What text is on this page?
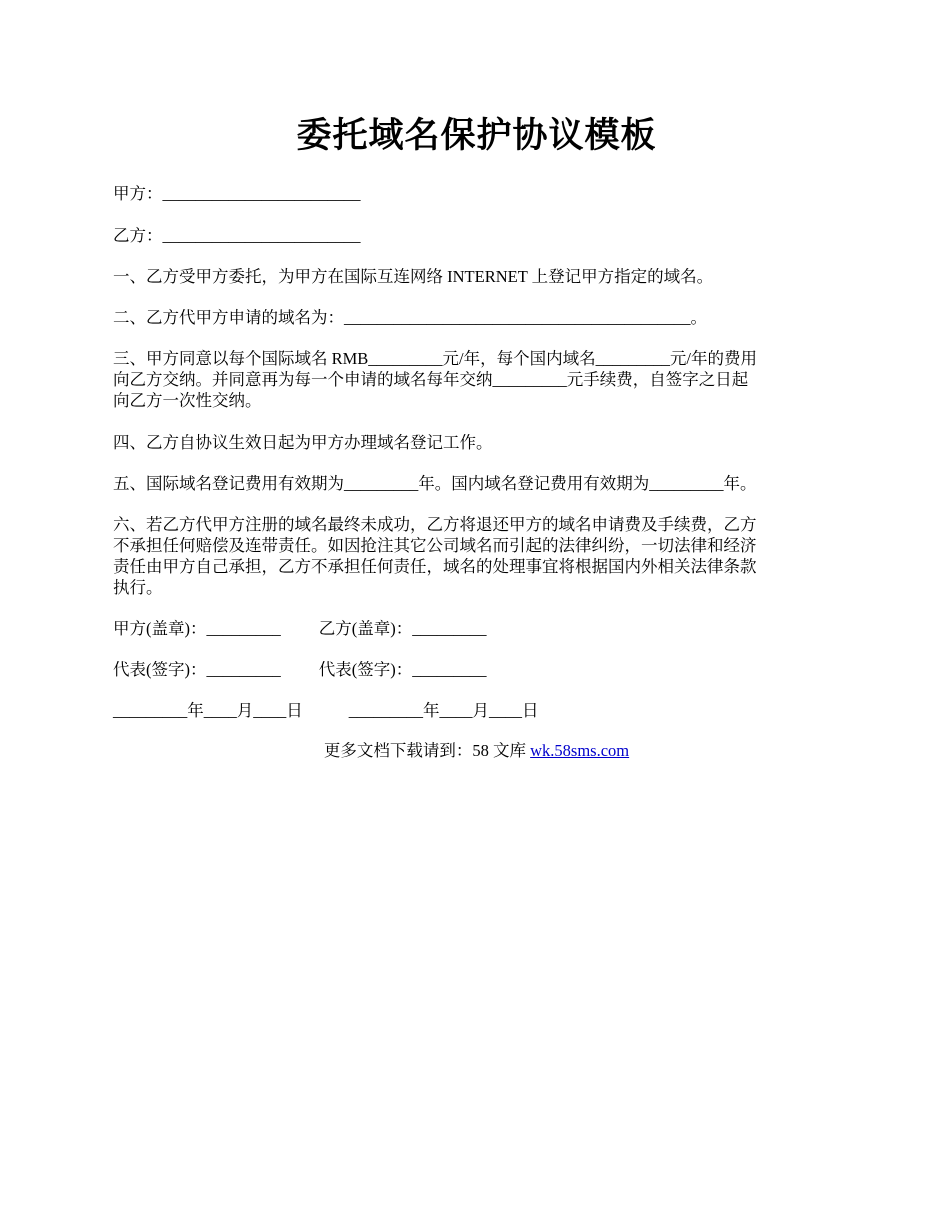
委托域名保护协议模板
甲方：________________________
乙方：________________________
一、乙方受甲方委托，为甲方在国际互连网络 INTERNET 上登记甲方指定的域名。
二、乙方代甲方申请的域名为：__________________________________________。
三、甲方同意以每个国际域名 RMB_________元/年，每个国内域名_________元/年的费用
向乙方交纳。并同意再为每一个申请的域名每年交纳_________元手续费，自签字之日起
向乙方一次性交纳。
四、乙方自协议生效日起为甲方办理域名登记工作。
五、国际域名登记费用有效期为_________年。国内域名登记费用有效期为_________年。
六、若乙方代甲方注册的域名最终未成功，乙方将退还甲方的域名申请费及手续费，乙方
不承担任何赔偿及连带责任。如因抢注其它公司域名而引起的法律纠纷，一切法律和经济
责任由甲方自己承担，乙方不承担任何责任，域名的处理事宜将根据国内外相关法律条款
执行。
甲方(盖章)：_________ 乙方(盖章)：_________
代表(签字)：_________ 代表(签字)：_________
_________年____月____日	_________年____月____日
更多文档下载请到：58 文库 wk.58sms.com
